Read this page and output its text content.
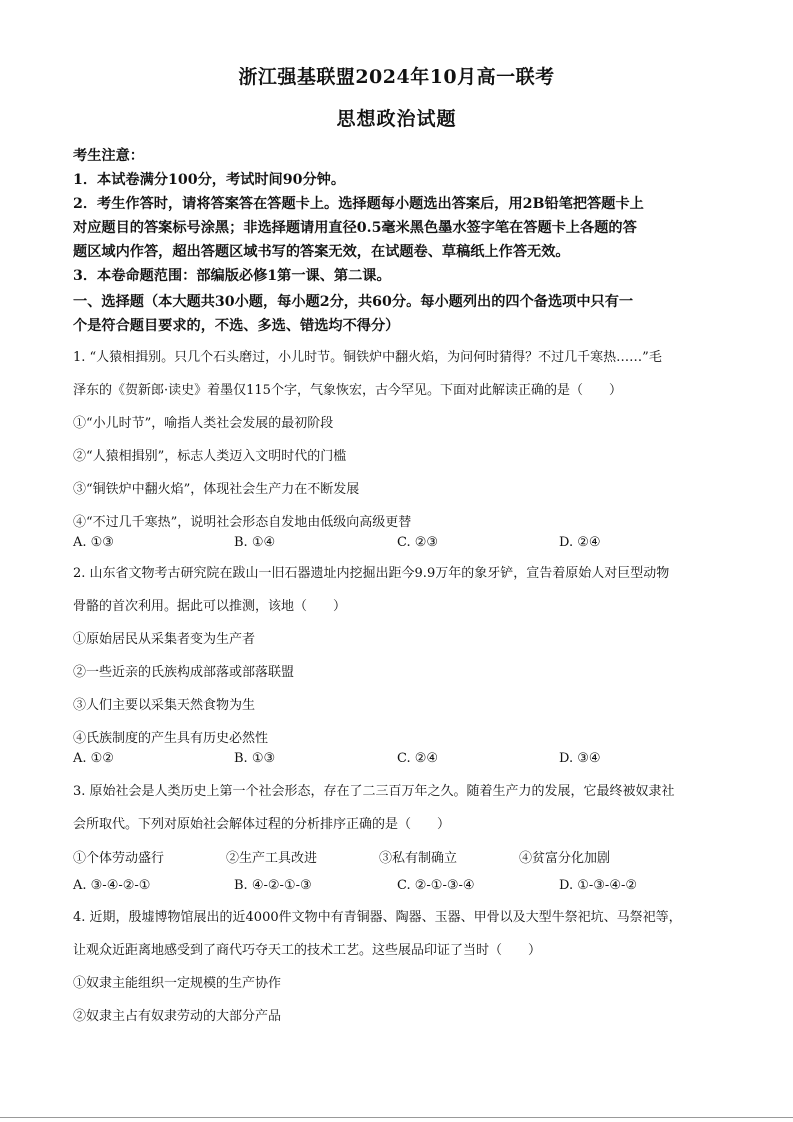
浙江强基联盟2024年10月高一联考
思想政治试题
考生注意：
1．本试卷满分100分，考试时间90分钟。
2．考生作答时，请将答案答在答题卡上。选择题每小题选出答案后，用2B铅笔把答题卡上
对应题目的答案标号涂黑；非选择题请用直径0.5毫米黑色墨水签字笔在答题卡上各题的答
题区域内作答，超出答题区域书写的答案无效，在试题卷、草稿纸上作答无效。
3．本卷命题范围：部编版必修1第一课、第二课。
一、选择题（本大题共30小题，每小题2分，共60分。每小题列出的四个备选项中只有一
个是符合题目要求的，不选、多选、错选均不得分）
1. “人猿相揖别。只几个石头磨过，小儿时节。铜铁炉中翻火焰，为问何时猜得？不过几千寒热……”毛
泽东的《贺新郎·读史》着墨仅115个字，气象恢宏，古今罕见。下面对此解读正确的是（　　）
①“小儿时节”，喻指人类社会发展的最初阶段
②“人猿相揖别”，标志人类迈入文明时代的门槛
③“铜铁炉中翻火焰”，体现社会生产力在不断发展
④“不过几千寒热”，说明社会形态自发地由低级向高级更替
A. ①③	B. ①④	C. ②③	D. ②④
2. 山东省文物考古研究院在跋山一旧石器遗址内挖掘出距今9.9万年的象牙铲，宣告着原始人对巨型动物
骨骼的首次利用。据此可以推测，该地（　　）
①原始居民从采集者变为生产者
②一些近亲的氏族构成部落或部落联盟
③人们主要以采集天然食物为生
④氏族制度的产生具有历史必然性
A. ①②	B. ①③	C. ②④	D. ③④
3. 原始社会是人类历史上第一个社会形态，存在了二三百万年之久。随着生产力的发展，它最终被奴隶社
会所取代。下列对原始社会解体过程的分析排序正确的是（　　）
①个体劳动盛行	②生产工具改进	③私有制确立	④贫富分化加剧
A. ③-④-②-①	B. ④-②-①-③	C. ②-①-③-④	D. ①-③-④-②
4. 近期，殷墟博物馆展出的近4000件文物中有青铜器、陶器、玉器、甲骨以及大型牛祭祀坑、马祭祀等，
让观众近距离地感受到了商代巧夺天工的技术工艺。这些展品印证了当时（　　）
①奴隶主能组织一定规模的生产协作
②奴隶主占有奴隶劳动的大部分产品
